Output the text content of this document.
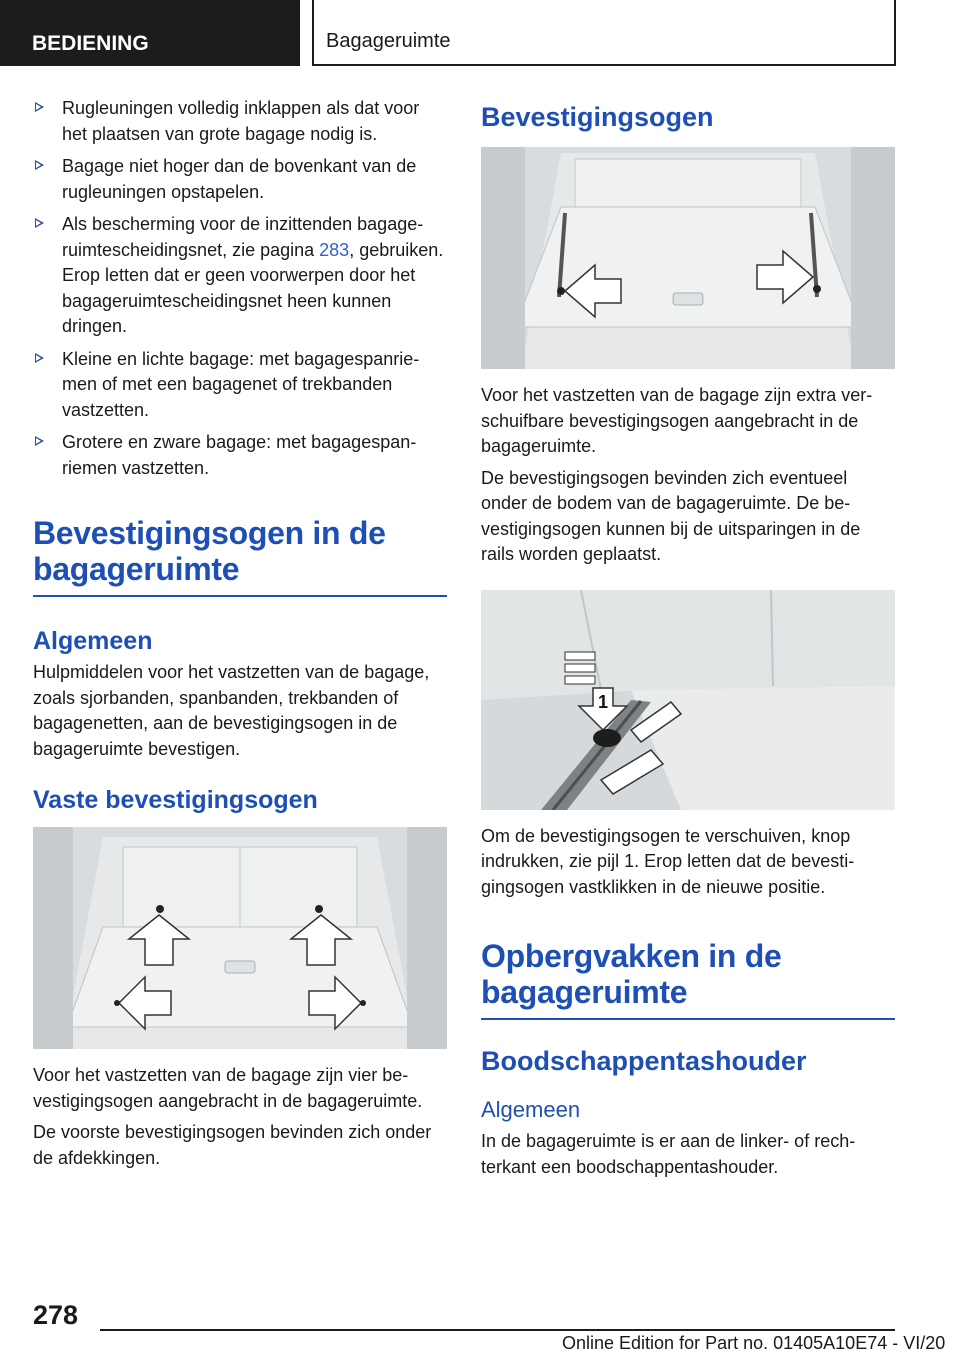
BEDIENING	Bagageruimte
Rugleuningen volledig inklappen als dat voor het plaatsen van grote bagage nodig is.
Bagage niet hoger dan de bovenkant van de rugleuningen opstapelen.
Als bescherming voor de inzittenden bagageruimtescheidingsnet, zie pagina 283, gebruiken. Erop letten dat er geen voorwerpen door het bagageruimtescheidingsnet heen kunnen dringen.
Kleine en lichte bagage: met bagagespanriemen of met een bagagenet of trekbanden vastzetten.
Grotere en zware bagage: met bagagespanriemen vastzetten.
Bevestigingsogen in de bagageruimte
Algemeen

Hulpmiddelen voor het vastzetten van de bagage, zoals sjorbanden, spanbanden, trekbanden of bagagenetten, aan de bevestigingsogen in de bagageruimte bevestigen.

Vaste bevestigingsogen

Voor het vastzetten van de bagage zijn vier bevestigingsogen aangebracht in de bagageruimte.

De voorste bevestigingsogen bevinden zich onder de afdekkingen.

Bevestigingsogen

Voor het vastzetten van de bagage zijn extra verschuifbare bevestigingsogen aangebracht in de bagageruimte.

De bevestigingsogen bevinden zich eventueel onder de bodem van de bagageruimte. De bevestigingsogen kunnen bij de uitsparingen in de rails worden geplaatst.

1

Om de bevestigingsogen te verschuiven, knop indrukken, zie pijl 1. Erop letten dat de bevestigingsogen vastklikken in de nieuwe positie.

Opbergvakken in de bagageruimte
Boodschappentashouder
Algemeen

In de bagageruimte is er aan de linker- of rechterkant een boodschappentashouder.

278
Online Edition for Part no. 01405A10E74 - VI/20
